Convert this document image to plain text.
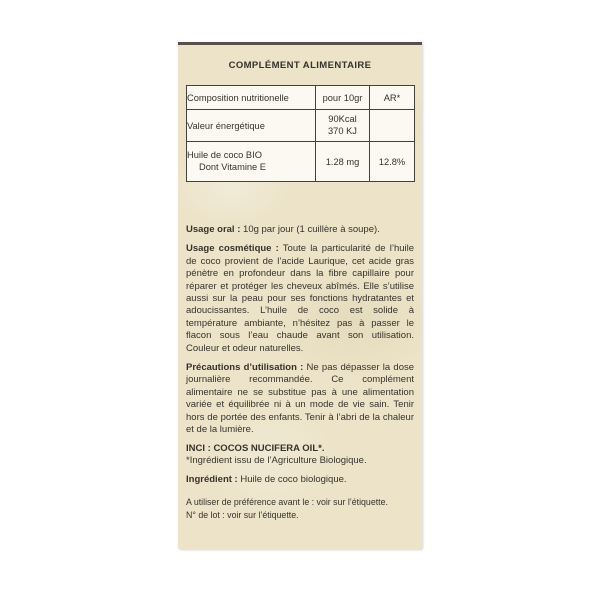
COMPLÉMENT ALIMENTAIRE
Composition nutritionelle	pour 10gr	AR*
Valeur énergétique	90Kcal
370 KJ	

Huile de coco BIO
Dont Vitamine E	1.28 mg	12.8%

Usage oral : 10g par jour (1 cuillère à soupe).

Usage cosmétique : Toute la particularité de l’huile de coco provient de l’acide Laurique, cet acide gras pénètre en profondeur dans la fibre capillaire pour réparer et protéger les cheveux abîmés. Elle s’utilise aussi sur la peau pour ses fonctions hydratantes et adoucissantes. L’huile de coco est solide à température ambiante, n’hésitez pas à passer le flacon sous l’eau chaude avant son utilisation. Couleur et odeur naturelles.

Précautions d’utilisation : Ne pas dépasser la dose journalière recommandée. Ce complément alimentaire ne se substitue pas à une alimentation variée et équilibrée ni à un mode de vie sain. Tenir hors de portée des enfants. Tenir à l’abri de la chaleur et de la lumière.

INCI : COCOS NUCIFERA OIL*.

*Ingrédient issu de l’Agriculture Biologique.

Ingrédient : Huile de coco biologique.

A utiliser de préférence avant le : voir sur l’étiquette.

N° de lot : voir sur l’étiquette.
